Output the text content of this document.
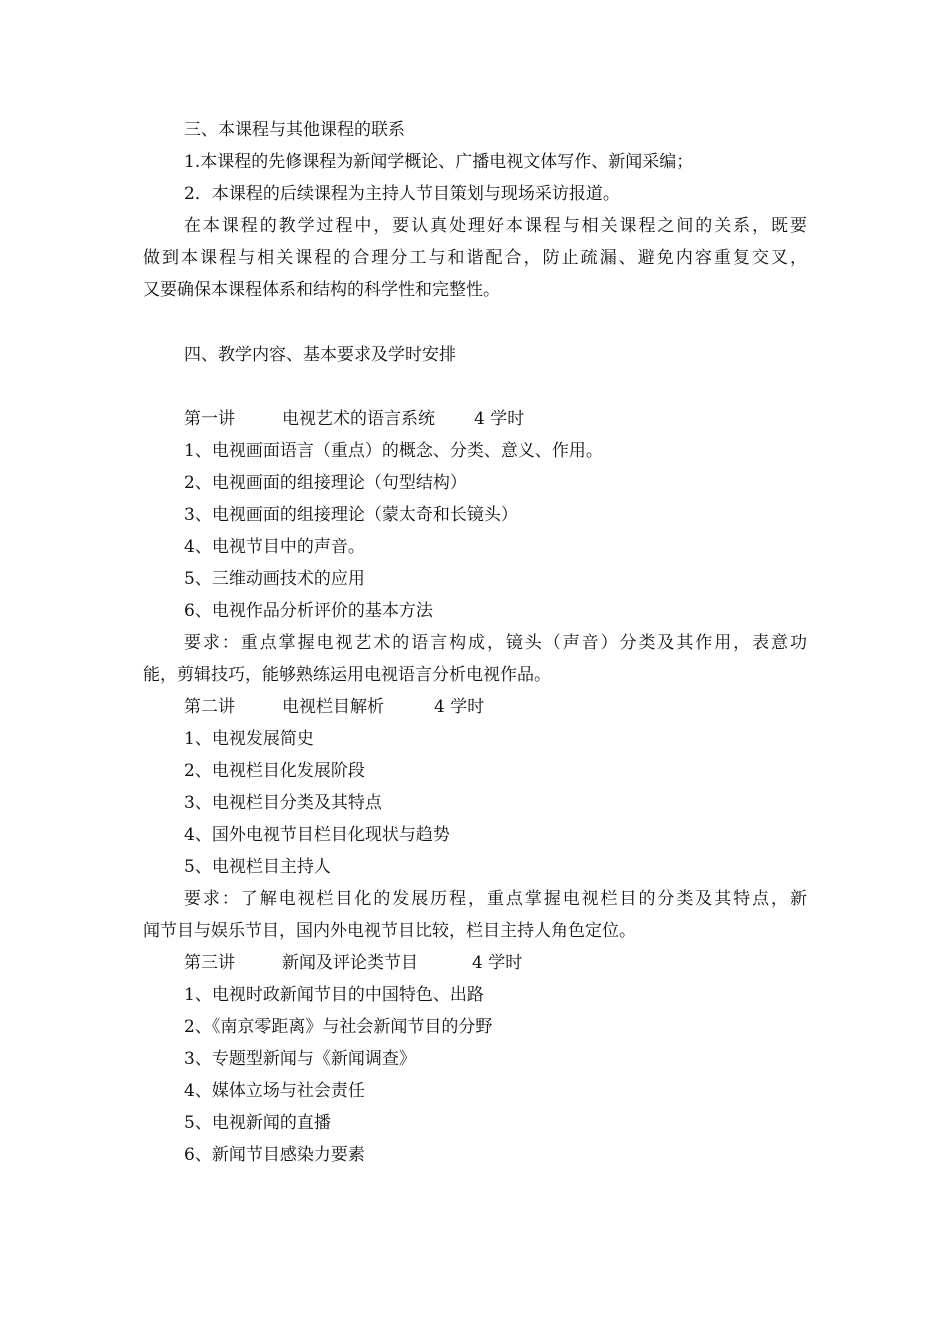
三、本课程与其他课程的联系
1.本课程的先修课程为新闻学概论、广播电视文体写作、新闻采编；
2．本课程的后续课程为主持人节目策划与现场采访报道。
在本课程的教学过程中，要认真处理好本课程与相关课程之间的关系，既要
做到本课程与相关课程的合理分工与和谐配合，防止疏漏、避免内容重复交叉，
又要确保本课程体系和结构的科学性和完整性。
四、教学内容、基本要求及学时安排
第一讲	电视艺术的语言系统 4 学时
1、电视画面语言（重点）的概念、分类、意义、作用。
2、电视画面的组接理论（句型结构）
3、电视画面的组接理论（蒙太奇和长镜头）
4、电视节目中的声音。
5、三维动画技术的应用
6、电视作品分析评价的基本方法
要求：重点掌握电视艺术的语言构成，镜头（声音）分类及其作用，表意功
能，剪辑技巧，能够熟练运用电视语言分析电视作品。
第二讲	电视栏目解析	4 学时
1、电视发展简史
2、电视栏目化发展阶段
3、电视栏目分类及其特点
4、国外电视节目栏目化现状与趋势
5、电视栏目主持人
要求：了解电视栏目化的发展历程，重点掌握电视栏目的分类及其特点，新
闻节目与娱乐节目，国内外电视节目比较，栏目主持人角色定位。
第三讲	新闻及评论类节目	4 学时
1、电视时政新闻节目的中国特色、出路
2、《南京零距离》与社会新闻节目的分野
3、专题型新闻与《新闻调查》
4、媒体立场与社会责任
5、电视新闻的直播
6、新闻节目感染力要素
